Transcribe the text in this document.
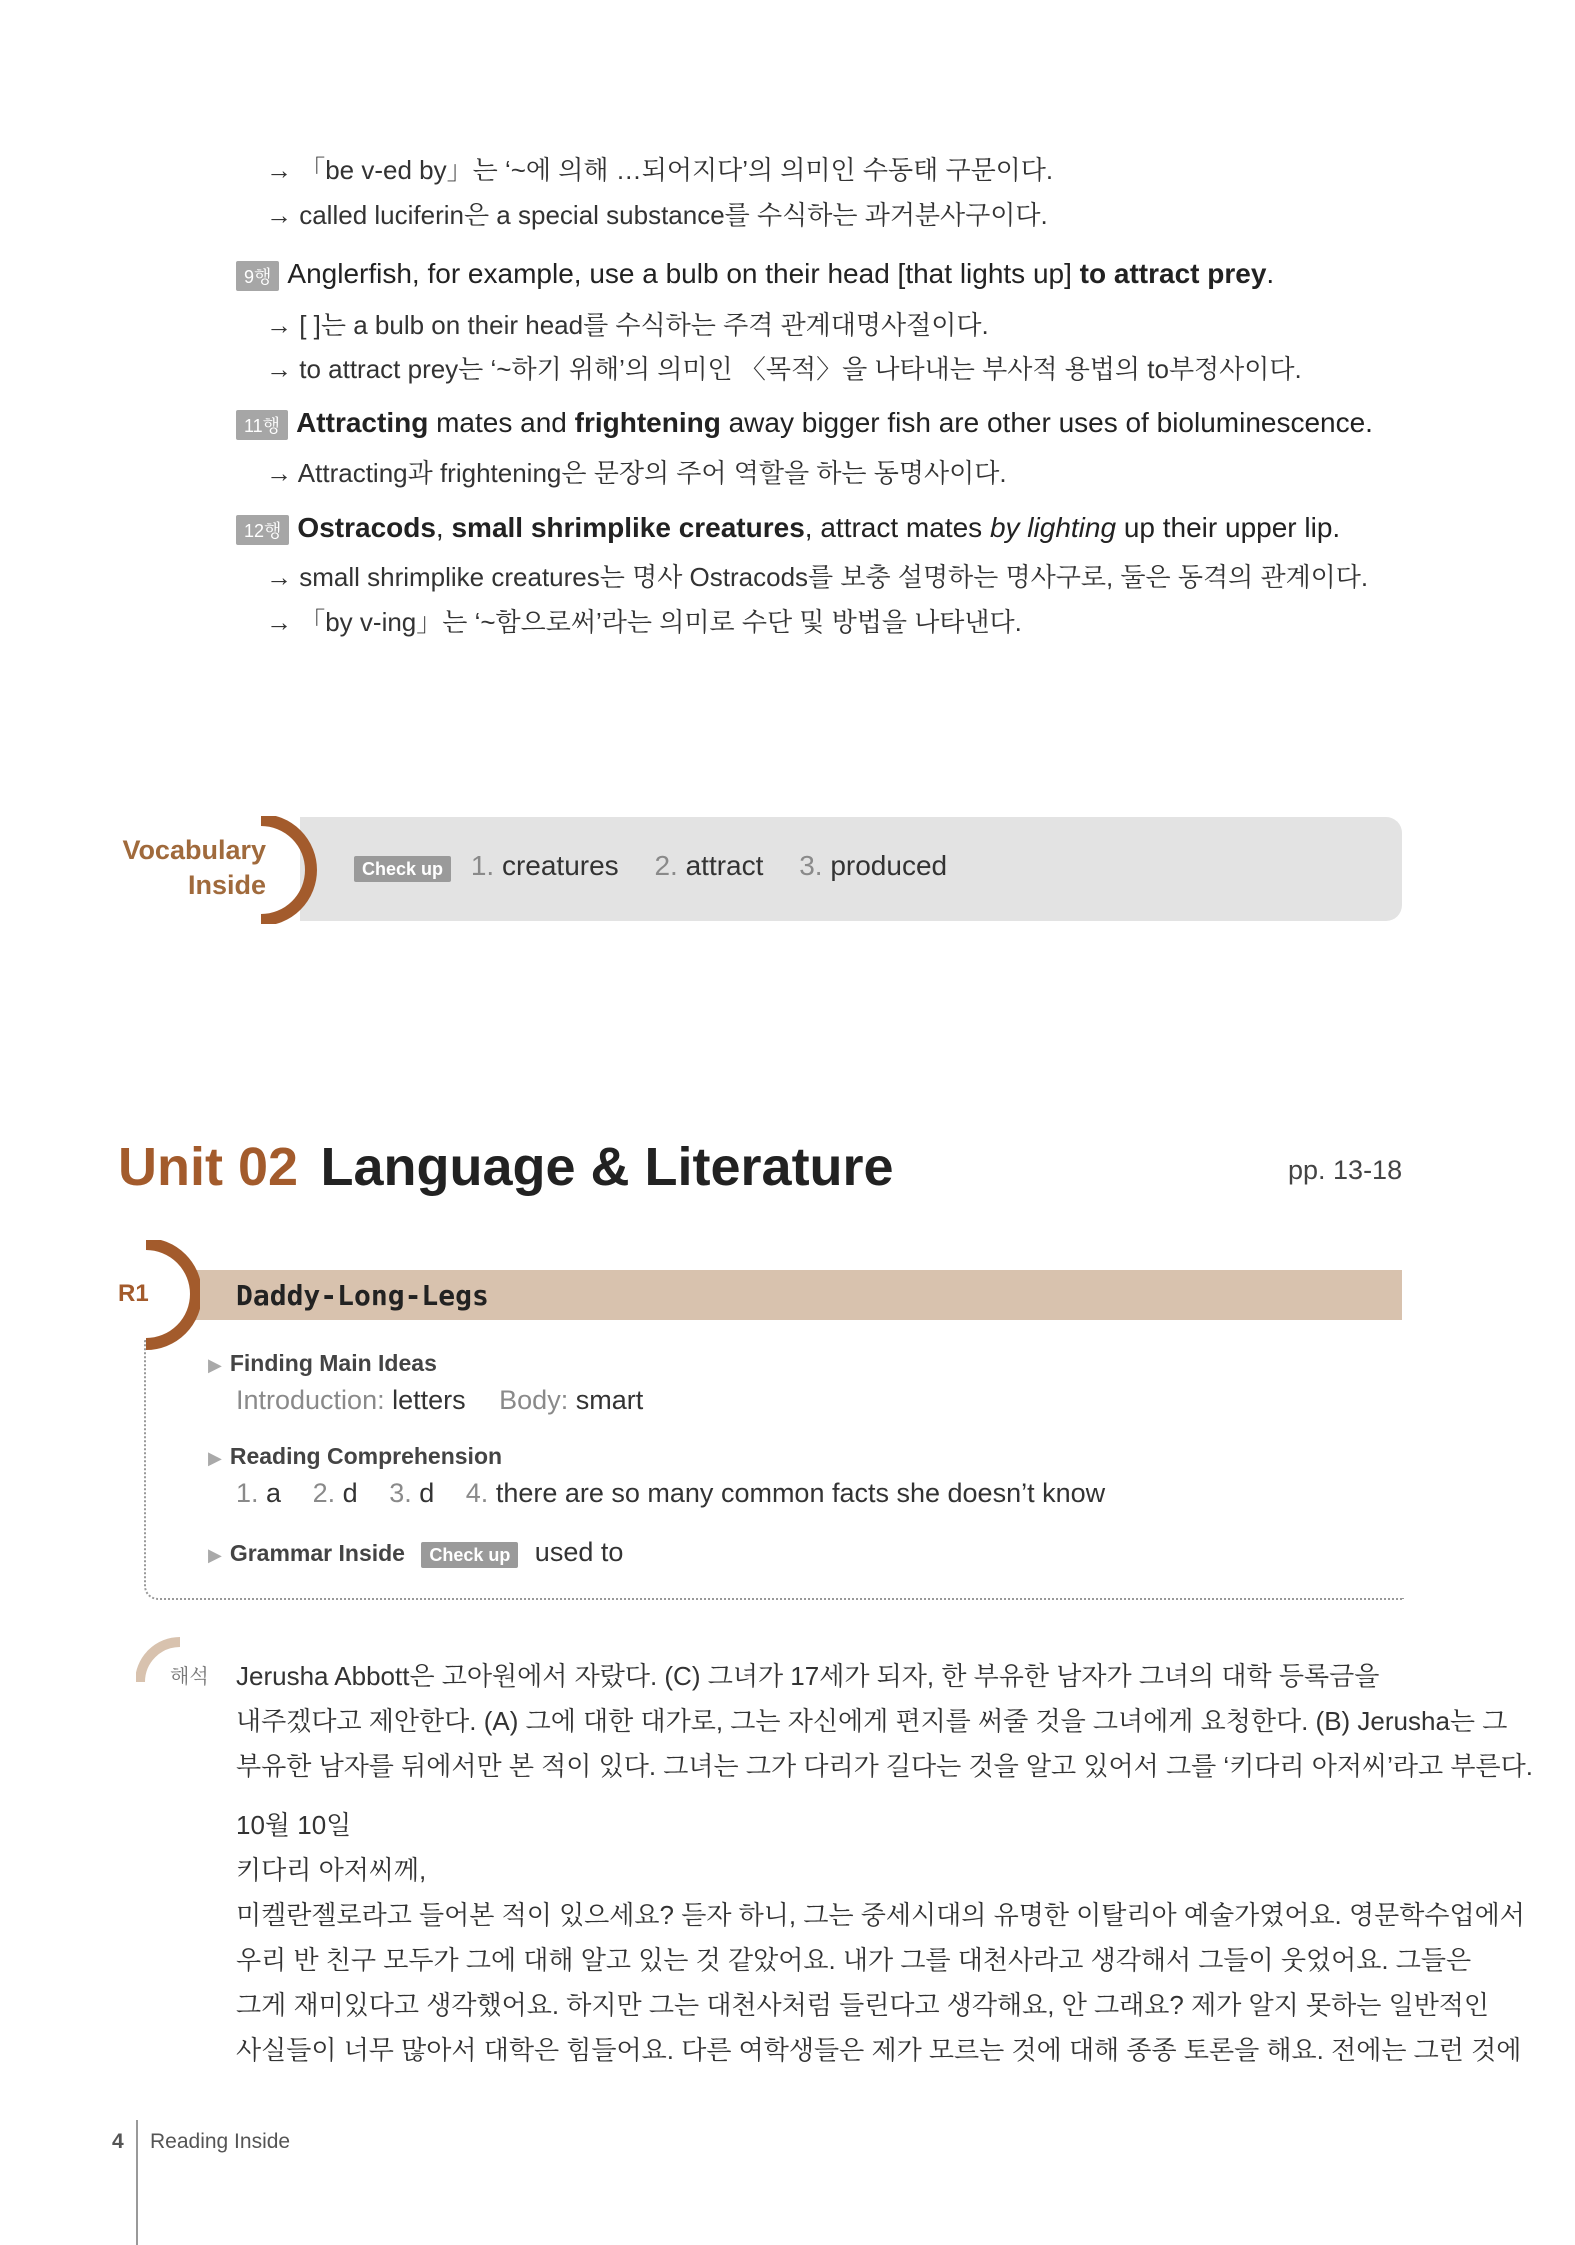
→ 「be v-ed by」는 ‘~에 의해 …되어지다’의 의미인 수동태 구문이다.
→ called luciferin은 a special substance를 수식하는 과거분사구이다.
9행 Anglerfish, for example, use a bulb on their head [that lights up] to attract prey.
→ [ ]는 a bulb on their head를 수식하는 주격 관계대명사절이다.
→ to attract prey는 ‘~하기 위해’의 의미인 〈목적〉을 나타내는 부사적 용법의 to부정사이다.
11행 Attracting mates and frightening away bigger fish are other uses of bioluminescence.
→ Attracting과 frightening은 문장의 주어 역할을 하는 동명사이다.
12행 Ostracods, small shrimplike creatures, attract mates by lighting up their upper lip.
→ small shrimplike creatures는 명사 Ostracods를 보충 설명하는 명사구로, 둘은 동격의 관계이다.
→ 「by v-ing」는 ‘~함으로써’라는 의미로 수단 및 방법을 나타낸다.
Vocabulary
Inside
Check up 1. creatures 2. attract 3. produced
Unit 02 Language & Literature	pp. 13-18
R1	Daddy-Long-Legs
▶ Finding Main Ideas
Introduction: letters Body: smart
▶ Reading Comprehension
1. a 2. d 3. d 4. there are so many common facts she doesn’t know
▶ Grammar Inside Check up used to
해석 Jerusha Abbott은 고아원에서 자랐다. (C) 그녀가 17세가 되자, 한 부유한 남자가 그녀의 대학 등록금을
내주겠다고 제안한다. (A) 그에 대한 대가로, 그는 자신에게 편지를 써줄 것을 그녀에게 요청한다. (B) Jerusha는 그
부유한 남자를 뒤에서만 본 적이 있다. 그녀는 그가 다리가 길다는 것을 알고 있어서 그를 ‘키다리 아저씨’라고 부른다.
10월 10일
키다리 아저씨께,
미켈란젤로라고 들어본 적이 있으세요? 듣자 하니, 그는 중세시대의 유명한 이탈리아 예술가였어요. 영문학수업에서
우리 반 친구 모두가 그에 대해 알고 있는 것 같았어요. 내가 그를 대천사라고 생각해서 그들이 웃었어요. 그들은
그게 재미있다고 생각했어요. 하지만 그는 대천사처럼 들린다고 생각해요, 안 그래요? 제가 알지 못하는 일반적인
사실들이 너무 많아서 대학은 힘들어요. 다른 여학생들은 제가 모르는 것에 대해 종종 토론을 해요. 전에는 그런 것에
4 Reading Inside
